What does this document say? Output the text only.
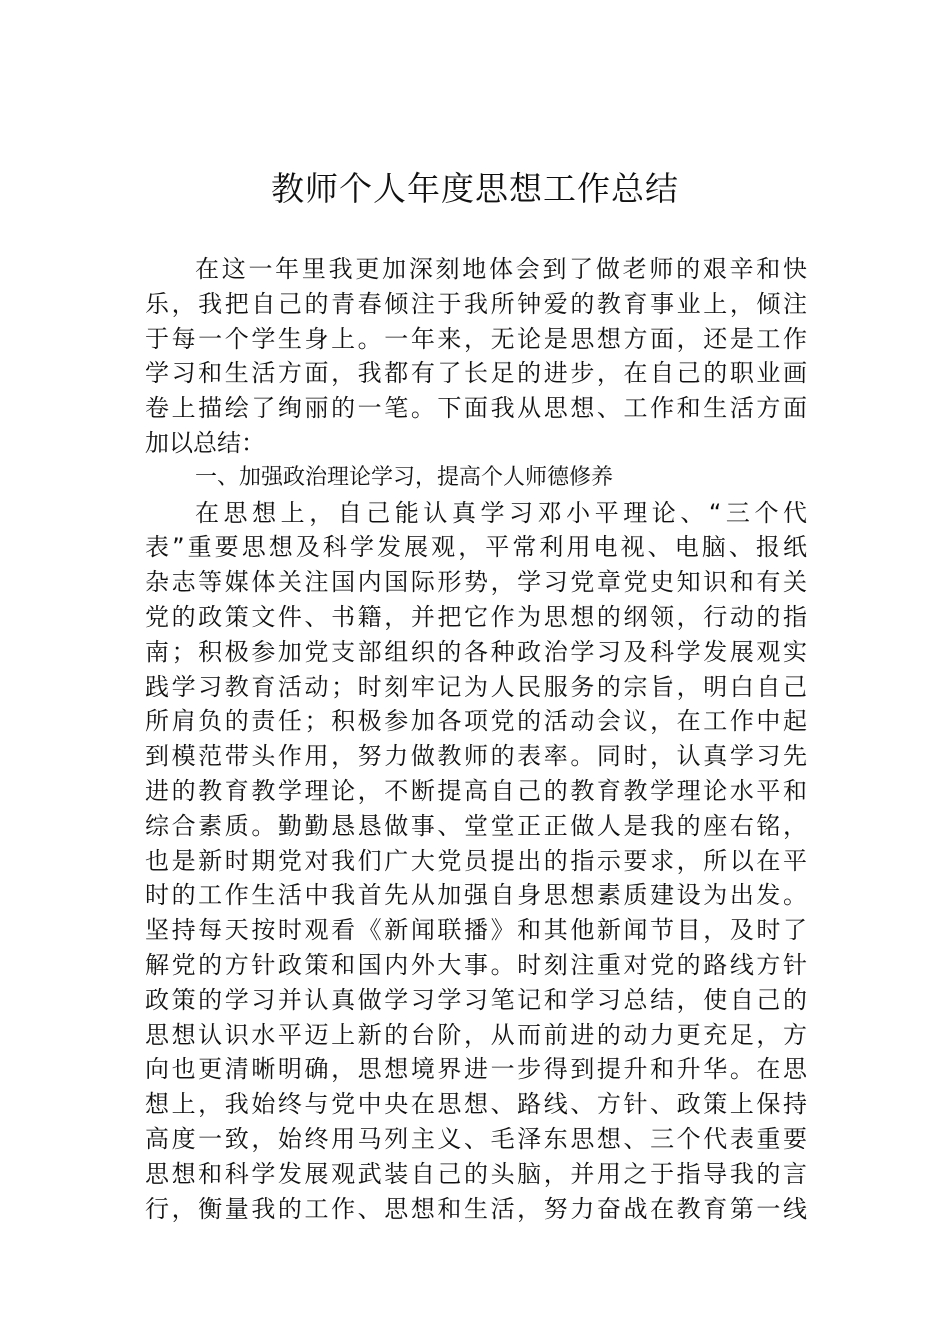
教师个人年度思想工作总结
在这一年里我更加深刻地体会到了做老师的艰辛和快
乐，我把自己的青春倾注于我所钟爱的教育事业上，倾注
于每一个学生身上。一年来，无论是思想方面，还是工作
学习和生活方面，我都有了长足的进步，在自己的职业画
卷上描绘了绚丽的一笔。下面我从思想、工作和生活方面
加以总结：
一、加强政治理论学习，提高个人师德修养
在思想上，自己能认真学习邓小平理论、“三个代
表”重要思想及科学发展观，平常利用电视、电脑、报纸
杂志等媒体关注国内国际形势，学习党章党史知识和有关
党的政策文件、书籍，并把它作为思想的纲领，行动的指
南；积极参加党支部组织的各种政治学习及科学发展观实
践学习教育活动；时刻牢记为人民服务的宗旨，明白自己
所肩负的责任；积极参加各项党的活动会议，在工作中起
到模范带头作用，努力做教师的表率。同时，认真学习先
进的教育教学理论，不断提高自己的教育教学理论水平和
综合素质。勤勤恳恳做事、堂堂正正做人是我的座右铭，
也是新时期党对我们广大党员提出的指示要求，所以在平
时的工作生活中我首先从加强自身思想素质建设为出发。
坚持每天按时观看《新闻联播》和其他新闻节目，及时了
解党的方针政策和国内外大事。时刻注重对党的路线方针
政策的学习并认真做学习学习笔记和学习总结，使自己的
思想认识水平迈上新的台阶，从而前进的动力更充足，方
向也更清晰明确，思想境界进一步得到提升和升华。在思
想上，我始终与党中央在思想、路线、方针、政策上保持
高度一致，始终用马列主义、毛泽东思想、三个代表重要
思想和科学发展观武装自己的头脑，并用之于指导我的言
行，衡量我的工作、思想和生活，努力奋战在教育第一线
